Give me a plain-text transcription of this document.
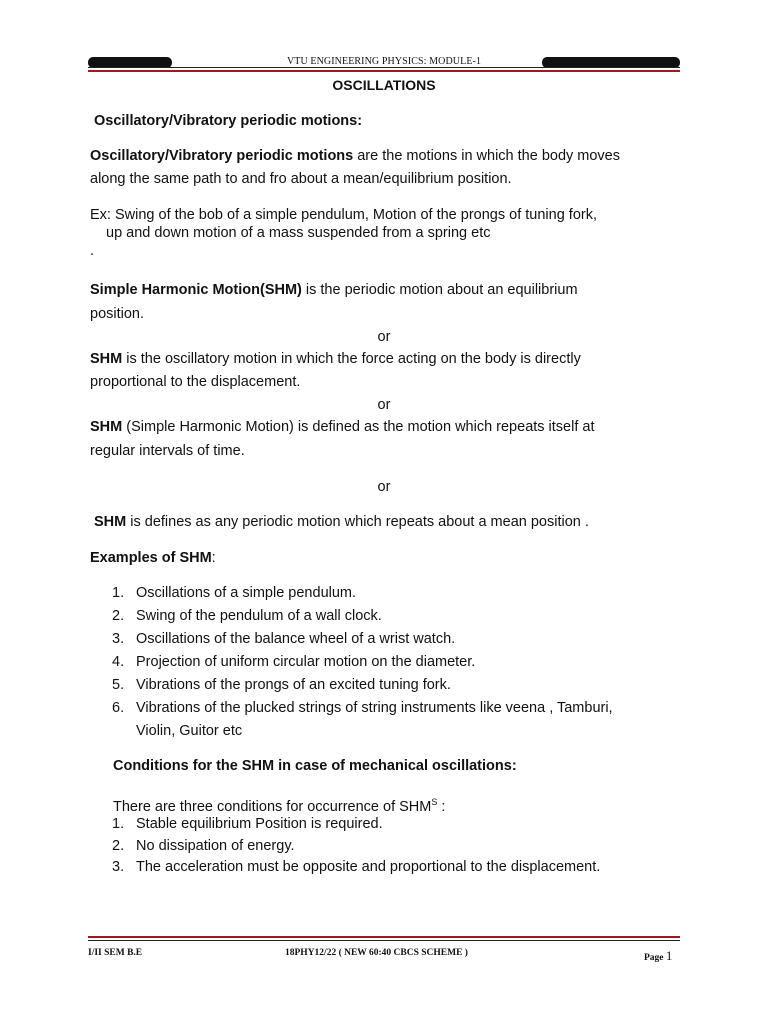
VTU ENGINEERING PHYSICS: MODULE-1
OSCILLATIONS
Oscillatory/Vibratory periodic motions:
Oscillatory/Vibratory periodic motions are the motions in which the body moves
along the same path to and fro about a mean/equilibrium position.
Ex: Swing of the bob of a simple pendulum, Motion of the prongs of tuning fork,
up and down motion of a mass suspended from a spring etc
.
Simple Harmonic Motion(SHM) is the periodic motion about an equilibrium
position.
or
SHM is the oscillatory motion in which the force acting on the body is directly
proportional to the displacement.
or
SHM (Simple Harmonic Motion) is defined as the motion which repeats itself at
regular intervals of time.
or
SHM is defines as any periodic motion which repeats about a mean position .
Examples of SHM:
1. Oscillations of a simple pendulum.
2. Swing of the pendulum of a wall clock.
3. Oscillations of the balance wheel of a wrist watch.
4. Projection of uniform circular motion on the diameter.
5. Vibrations of the prongs of an excited tuning fork.
6. Vibrations of the plucked strings of string instruments like veena , Tamburi,
Violin, Guitor etc
Conditions for the SHM in case of mechanical oscillations:
There are three conditions for occurrence of $SHM^S$ :
1. Stable equilibrium Position is required.
2. No dissipation of energy.
3. The acceleration must be opposite and proportional to the displacement.
I/II SEM B.E	18PHY12/22 ( NEW 60:40 CBCS SCHEME )	Page 1
